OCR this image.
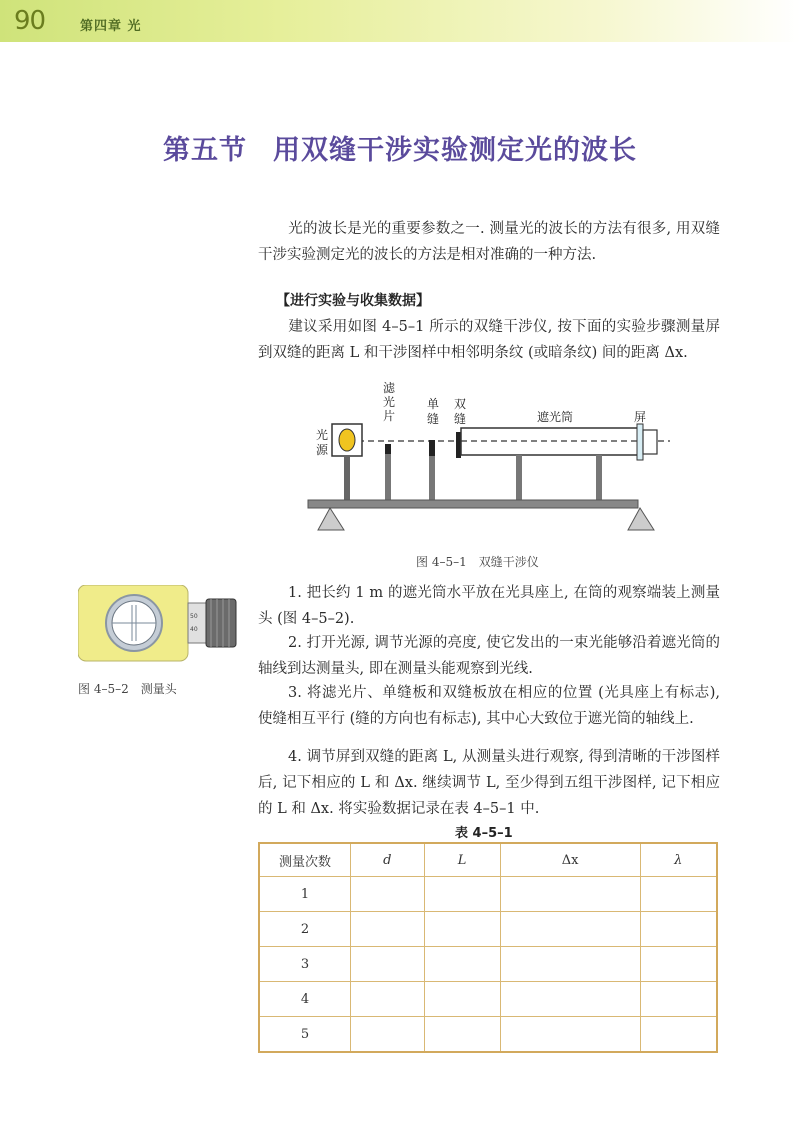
90	第四章 光
第五节 用双缝干涉实验测定光的波长
光的波长是光的重要参数之一. 测量光的波长的方法有很多, 用双缝干涉实验测定光的波长的方法是相对准确的一种方法.
【进行实验与收集数据】
建议采用如图 4–5–1 所示的双缝干涉仪, 按下面的实验步骤测量屏到双缝的距离 L 和干涉图样中相邻明条纹 (或暗条纹) 间的距离 Δx.
光
源
滤
光
片
单
缝
双
缝	遮光筒	屏
图 4–5–1　双缝干涉仪
50
40
图 4–5–2　测量头
1. 把长约 1 m 的遮光筒水平放在光具座上, 在筒的观察端装上测量头 (图 4–5–2).
2. 打开光源, 调节光源的亮度, 使它发出的一束光能够沿着遮光筒的轴线到达测量头, 即在测量头能观察到光线.
3. 将滤光片、单缝板和双缝板放在相应的位置 (光具座上有标志), 使缝相互平行 (缝的方向也有标志), 其中心大致位于遮光筒的轴线上.
4. 调节屏到双缝的距离 L, 从测量头进行观察, 得到清晰的干涉图样后, 记下相应的 L 和 Δx. 继续调节 L, 至少得到五组干涉图样, 记下相应的 L 和 Δx. 将实验数据记录在表 4–5–1 中.
表 4–5–1
测量次数	d	L	Δx	λ
1				
2				
3				
4				
5				
